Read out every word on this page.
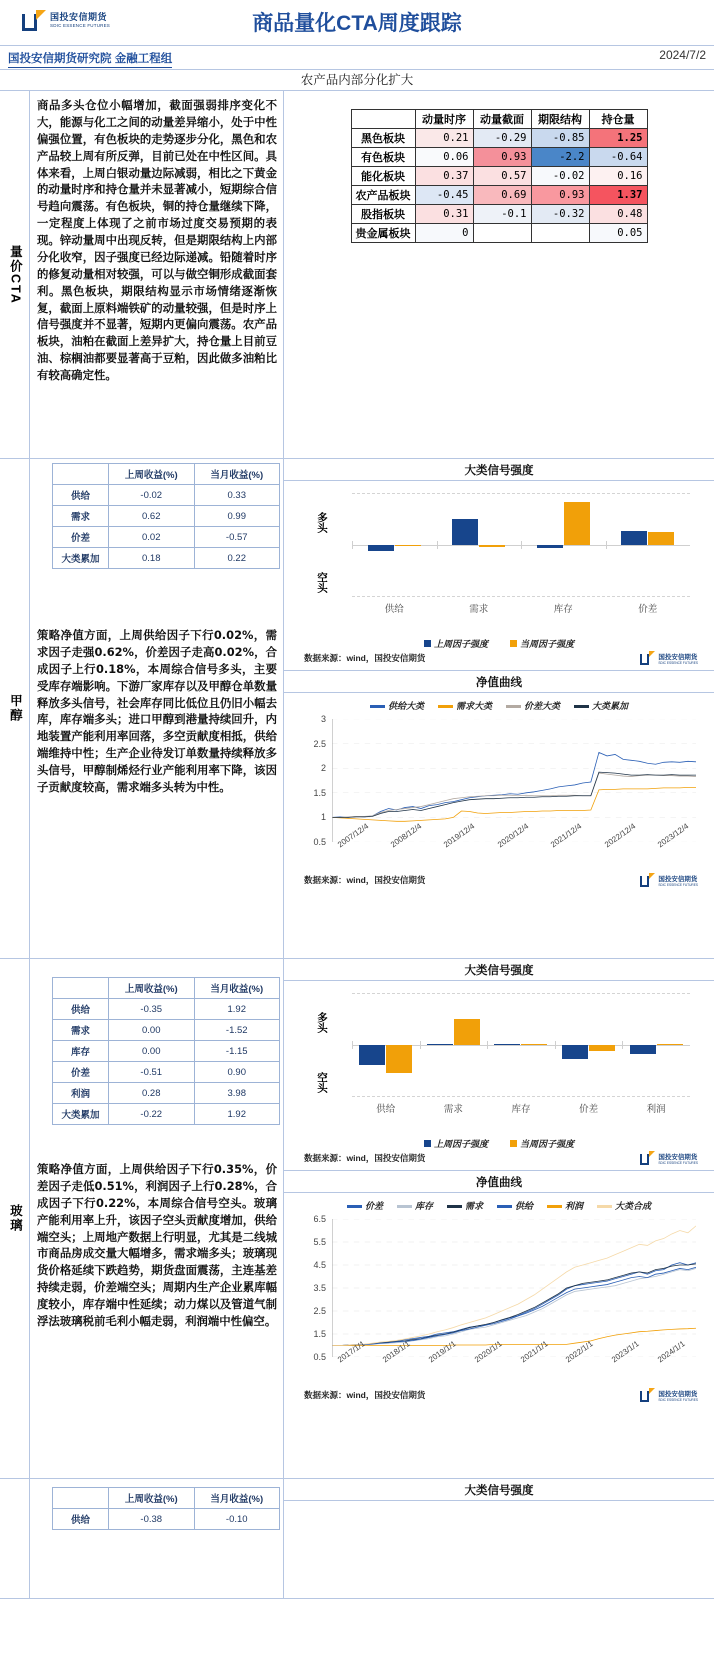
国投安信期货
SDIC ESSENCE FUTURES	商品量化CTA周度跟踪
国投安信期货研究院 金融工程组	2024/7/2
农产品内部分化扩大
量价CTA
商品多头仓位小幅增加，截面强弱排序变化不大，能源与化工之间的动量差异缩小，处于中性偏强位置，有色板块的走势逐步分化，黑色和农产品较上周有所反弹，目前已处在中性区间。具体来看，上周白银动量边际减弱，相比之下黄金的动量时序和持仓量并未显著减小，短期综合信号趋向震荡。有色板块，铜的持仓量继续下降，一定程度上体现了之前市场过度交易预期的表现。锌动量周中出现反转，但是期限结构上内部分化收窄，因子强度已经边际递减。铅随着时序的修复动量相对较强，可以与做空铜形成截面套利。黑色板块，期限结构显示市场情绪逐渐恢复，截面上原料端铁矿的动量较强，但是时序上信号强度并不显著，短期内更偏向震荡。农产品板块，油粕在截面上差异扩大，持仓量上目前豆油、棕榈油都要显著高于豆粕，因此做多油粕比有较高确定性。
	动量时序	动量截面	期限结构	持仓量
黑色板块	0.21	-0.29	-0.85	1.25
有色板块	0.06	0.93	-2.2	-0.64
能化板块	0.37	0.57	-0.02	0.16
农产品板块	-0.45	0.69	0.93	1.37
股指板块	0.31	-0.1	-0.32	0.48
贵金属板块	0			0.05
甲醇
	上周收益(%)	当月收益(%)
供给	-0.02	0.33
需求	0.62	0.99
价差	0.02	-0.57
大类累加	0.18	0.22
策略净值方面，上周供给因子下行0.02%，需求因子走强0.62%，价差因子走高0.02%，合成因子上行0.18%，本周综合信号多头，主要受库存端影响。下游厂家库存以及甲醇仓单数量释放多头信号，社会库存同比低位且仍旧小幅去库，库存端多头；进口甲醇到港量持续回升，内地装置产能利用率回落，多空贡献度相抵，供给端维持中性；生产企业待发订单数量持续释放多头信号，甲醇制烯烃行业产能利用率下降，该因子贡献度较高，需求端多头转为中性。
大类信号强度
多头
空头
供给	需求	库存	价差
上周因子强度	当周因子强度
数据来源：wind，国投安信期货	国投安信期货
SDIC ESSENCE FUTURES
净值曲线
供给大类	需求大类	价差大类	大类累加
0.5
1
1.5
2
2.5
3
2007/12/4 2008/12/4 2019/12/4 2020/12/4 2021/12/4 2022/12/4 2023/12/4
数据来源：wind，国投安信期货	国投安信期货
SDIC ESSENCE FUTURES
玻璃
	上周收益(%)	当月收益(%)
供给	-0.35	1.92
需求	0.00	-1.52
库存	0.00	-1.15
价差	-0.51	0.90
利润	0.28	3.98
大类累加	-0.22	1.92
策略净值方面，上周供给因子下行0.35%，价差因子走低0.51%，利润因子上行0.28%，合成因子下行0.22%，本周综合信号空头。玻璃产能利用率上升，该因子空头贡献度增加，供给端空头；上周地产数据上行明显，尤其是二线城市商品房成交量大幅增多，需求端多头；玻璃现货价格延续下跌趋势，期货盘面震荡，主连基差持续走弱，价差端空头；周期内生产企业累库幅度较小，库存端中性延续；动力煤以及管道气制浮法玻璃税前毛利小幅走弱，利润端中性偏空。
大类信号强度
多头
空头
供给	需求	库存	价差	利润
上周因子强度	当周因子强度
数据来源：wind，国投安信期货	国投安信期货
SDIC ESSENCE FUTURES
净值曲线
价差	库存	需求	供给	利润	大类合成
0.5
1.5
2.5
3.5
4.5
5.5
6.5
2017/1/1 2018/1/1 2019/1/1 2020/1/1 2021/1/1 2022/1/1 2023/1/1 2024/1/1
数据来源：wind，国投安信期货	国投安信期货
SDIC ESSENCE FUTURES
	上周收益(%)	当月收益(%)
供给	-0.38	-0.10
大类信号强度
